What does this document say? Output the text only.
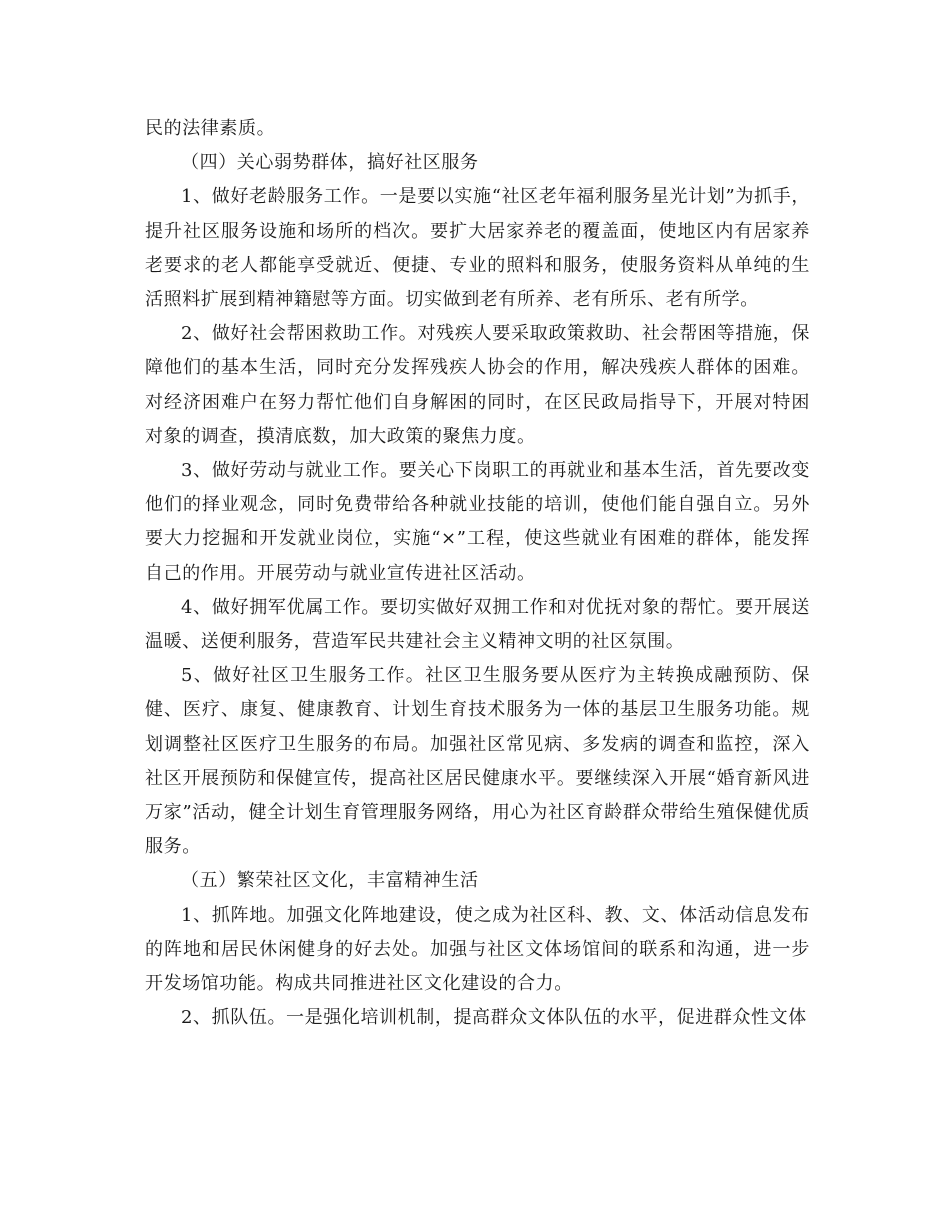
民的法律素质。

（四）关心弱势群体，搞好社区服务

1、做好老龄服务工作。一是要以实施“社区老年福利服务星光计划”为抓手，提升社区服务设施和场所的档次。要扩大居家养老的覆盖面，使地区内有居家养老要求的老人都能享受就近、便捷、专业的照料和服务，使服务资料从单纯的生活照料扩展到精神籍慰等方面。切实做到老有所养、老有所乐、老有所学。

2、做好社会帮困救助工作。对残疾人要采取政策救助、社会帮困等措施，保障他们的基本生活，同时充分发挥残疾人协会的作用，解决残疾人群体的困难。对经济困难户在努力帮忙他们自身解困的同时，在区民政局指导下，开展对特困对象的调查，摸清底数，加大政策的聚焦力度。

3、做好劳动与就业工作。要关心下岗职工的再就业和基本生活，首先要改变他们的择业观念，同时免费带给各种就业技能的培训，使他们能自强自立。另外要大力挖掘和开发就业岗位，实施“×”工程，使这些就业有困难的群体，能发挥自己的作用。开展劳动与就业宣传进社区活动。

4、做好拥军优属工作。要切实做好双拥工作和对优抚对象的帮忙。要开展送温暖、送便利服务，营造军民共建社会主义精神文明的社区氛围。

5、做好社区卫生服务工作。社区卫生服务要从医疗为主转换成融预防、保健、医疗、康复、健康教育、计划生育技术服务为一体的基层卫生服务功能。规划调整社区医疗卫生服务的布局。加强社区常见病、多发病的调查和监控，深入社区开展预防和保健宣传，提高社区居民健康水平。要继续深入开展“婚育新风进万家”活动，健全计划生育管理服务网络，用心为社区育龄群众带给生殖保健优质服务。

（五）繁荣社区文化，丰富精神生活

1、抓阵地。加强文化阵地建设，使之成为社区科、教、文、体活动信息发布的阵地和居民休闲健身的好去处。加强与社区文体场馆间的联系和沟通，进一步开发场馆功能。构成共同推进社区文化建设的合力。

2、抓队伍。一是强化培训机制，提高群众文体队伍的水平，促进群众性文体
